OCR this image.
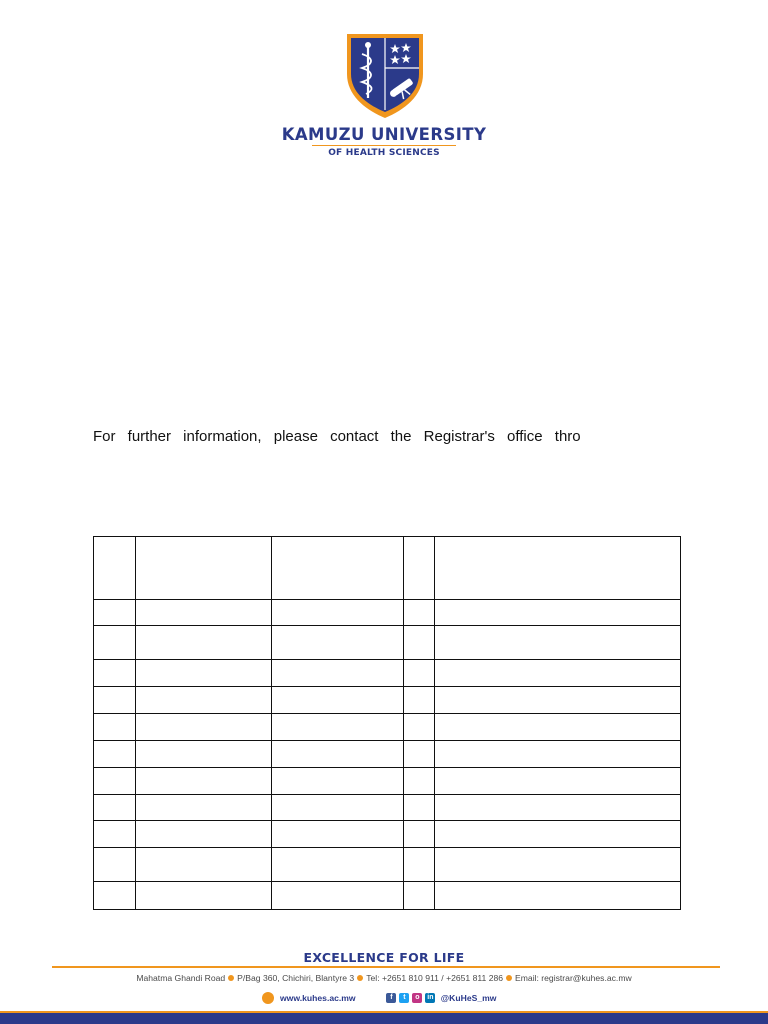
KAMUZU UNIVERSITY
OF HEALTH SCIENCES
For further information, please contact the Registrar's office thro

EXCELLENCE FOR LIFE
Mahatma Ghandi Road P/Bag 360, Chichiri, Blantyre 3 Tel: +2651 810 911 / +2651 811 286 Email: registrar@kuhes.ac.mw
www.kuhes.ac.mw	f t o in @KuHeS_mw
